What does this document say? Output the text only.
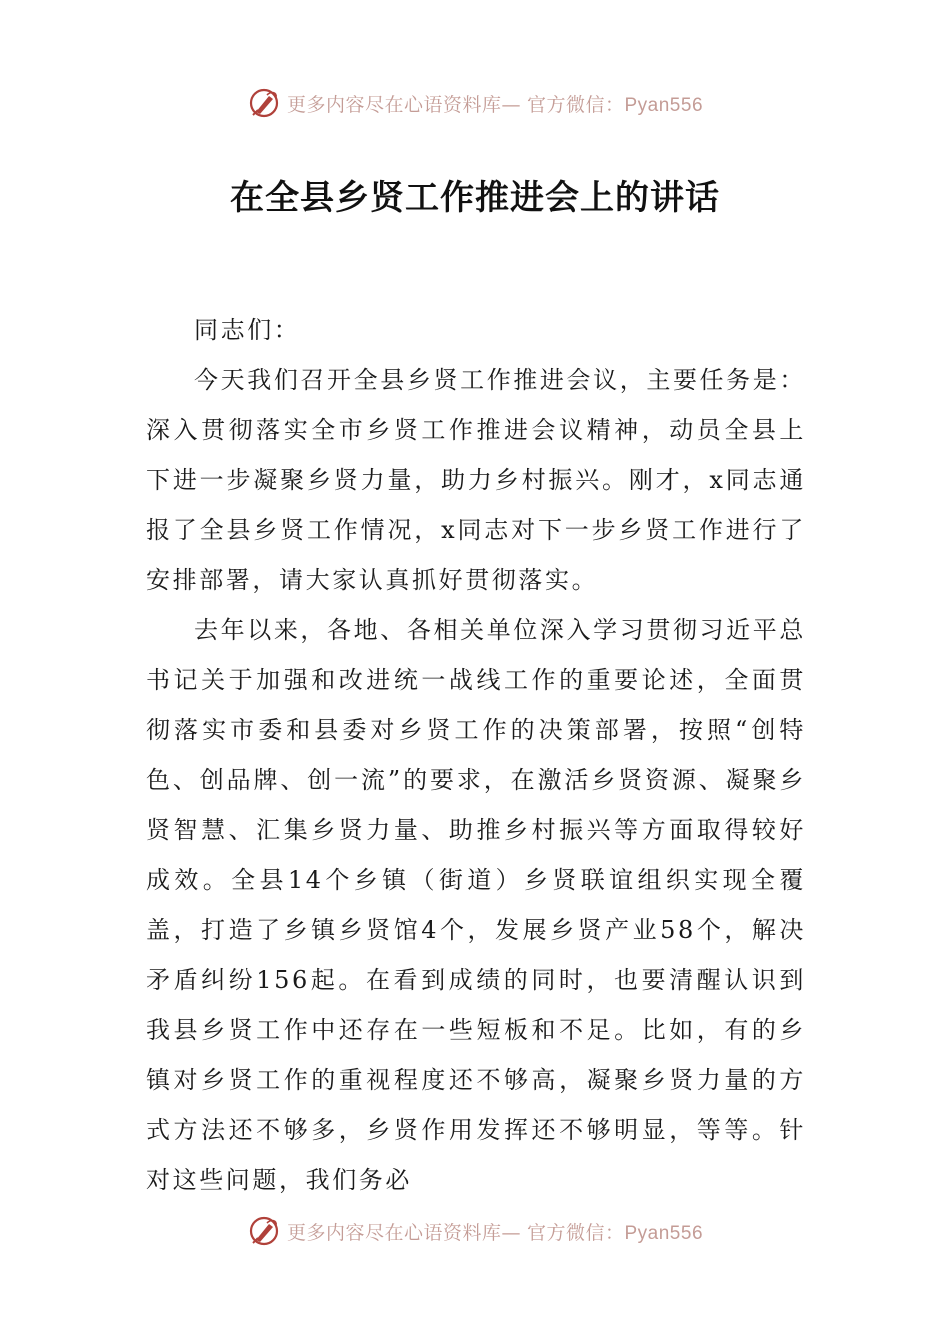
更多内容尽在心语资料库— 官方微信：Pyan556
在全县乡贤工作推进会上的讲话

同志们：

今天我们召开全县乡贤工作推进会议，主要任务是：深入贯彻落实全市乡贤工作推进会议精神，动员全县上下进一步凝聚乡贤力量，助力乡村振兴。刚才，x同志通报了全县乡贤工作情况，x同志对下一步乡贤工作进行了安排部署，请大家认真抓好贯彻落实。

去年以来，各地、各相关单位深入学习贯彻习近平总书记关于加强和改进统一战线工作的重要论述，全面贯彻落实市委和县委对乡贤工作的决策部署，按照“创特色、创品牌、创一流”的要求，在激活乡贤资源、凝聚乡贤智慧、汇集乡贤力量、助推乡村振兴等方面取得较好成效。全县14个乡镇（街道）乡贤联谊组织实现全覆盖，打造了乡镇乡贤馆4个，发展乡贤产业58个，解决矛盾纠纷156起。在看到成绩的同时，也要清醒认识到我县乡贤工作中还存在一些短板和不足。比如，有的乡镇对乡贤工作的重视程度还不够高，凝聚乡贤力量的方式方法还不够多，乡贤作用发挥还不够明显，等等。针对这些问题，我们务必

更多内容尽在心语资料库— 官方微信：Pyan556
